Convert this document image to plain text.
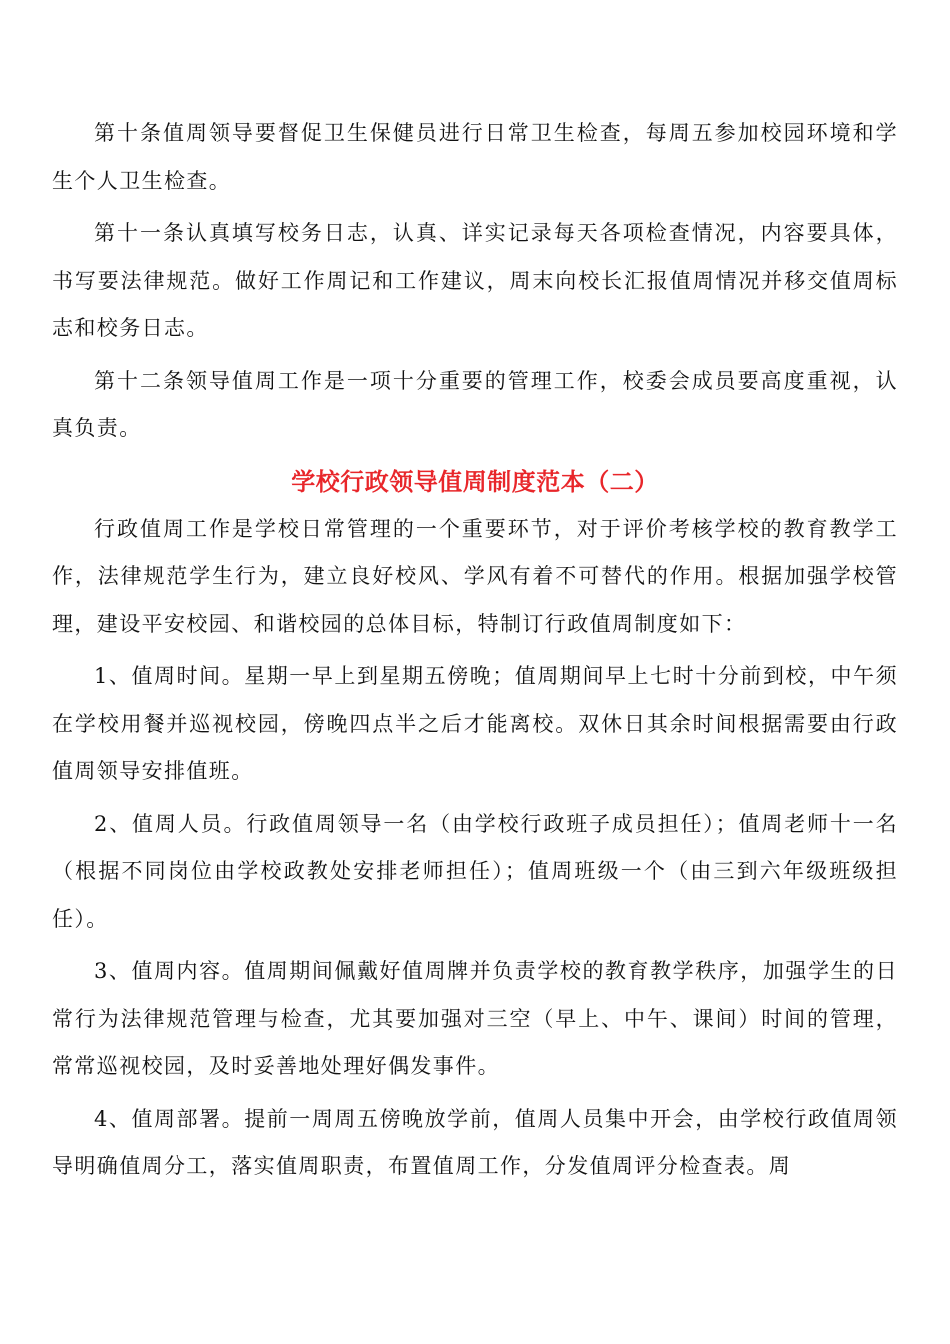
第十条值周领导要督促卫生保健员进行日常卫生检查，每周五参加校园环境和学生个人卫生检查。

第十一条认真填写校务日志，认真、详实记录每天各项检查情况，内容要具体，书写要法律规范。做好工作周记和工作建议，周末向校长汇报值周情况并移交值周标志和校务日志。

第十二条领导值周工作是一项十分重要的管理工作，校委会成员要高度重视，认真负责。

学校行政领导值周制度范本（二）

行政值周工作是学校日常管理的一个重要环节，对于评价考核学校的教育教学工作，法律规范学生行为，建立良好校风、学风有着不可替代的作用。根据加强学校管理，建设平安校园、和谐校园的总体目标，特制订行政值周制度如下：

1、值周时间。星期一早上到星期五傍晚；值周期间早上七时十分前到校，中午须在学校用餐并巡视校园，傍晚四点半之后才能离校。双休日其余时间根据需要由行政值周领导安排值班。

2、值周人员。行政值周领导一名（由学校行政班子成员担任）；值周老师十一名（根据不同岗位由学校政教处安排老师担任）；值周班级一个（由三到六年级班级担任）。

3、值周内容。值周期间佩戴好值周牌并负责学校的教育教学秩序，加强学生的日常行为法律规范管理与检查，尤其要加强对三空（早上、中午、课间）时间的管理，常常巡视校园，及时妥善地处理好偶发事件。

4、值周部署。提前一周周五傍晚放学前，值周人员集中开会，由学校行政值周领导明确值周分工，落实值周职责，布置值周工作，分发值周评分检查表。周
